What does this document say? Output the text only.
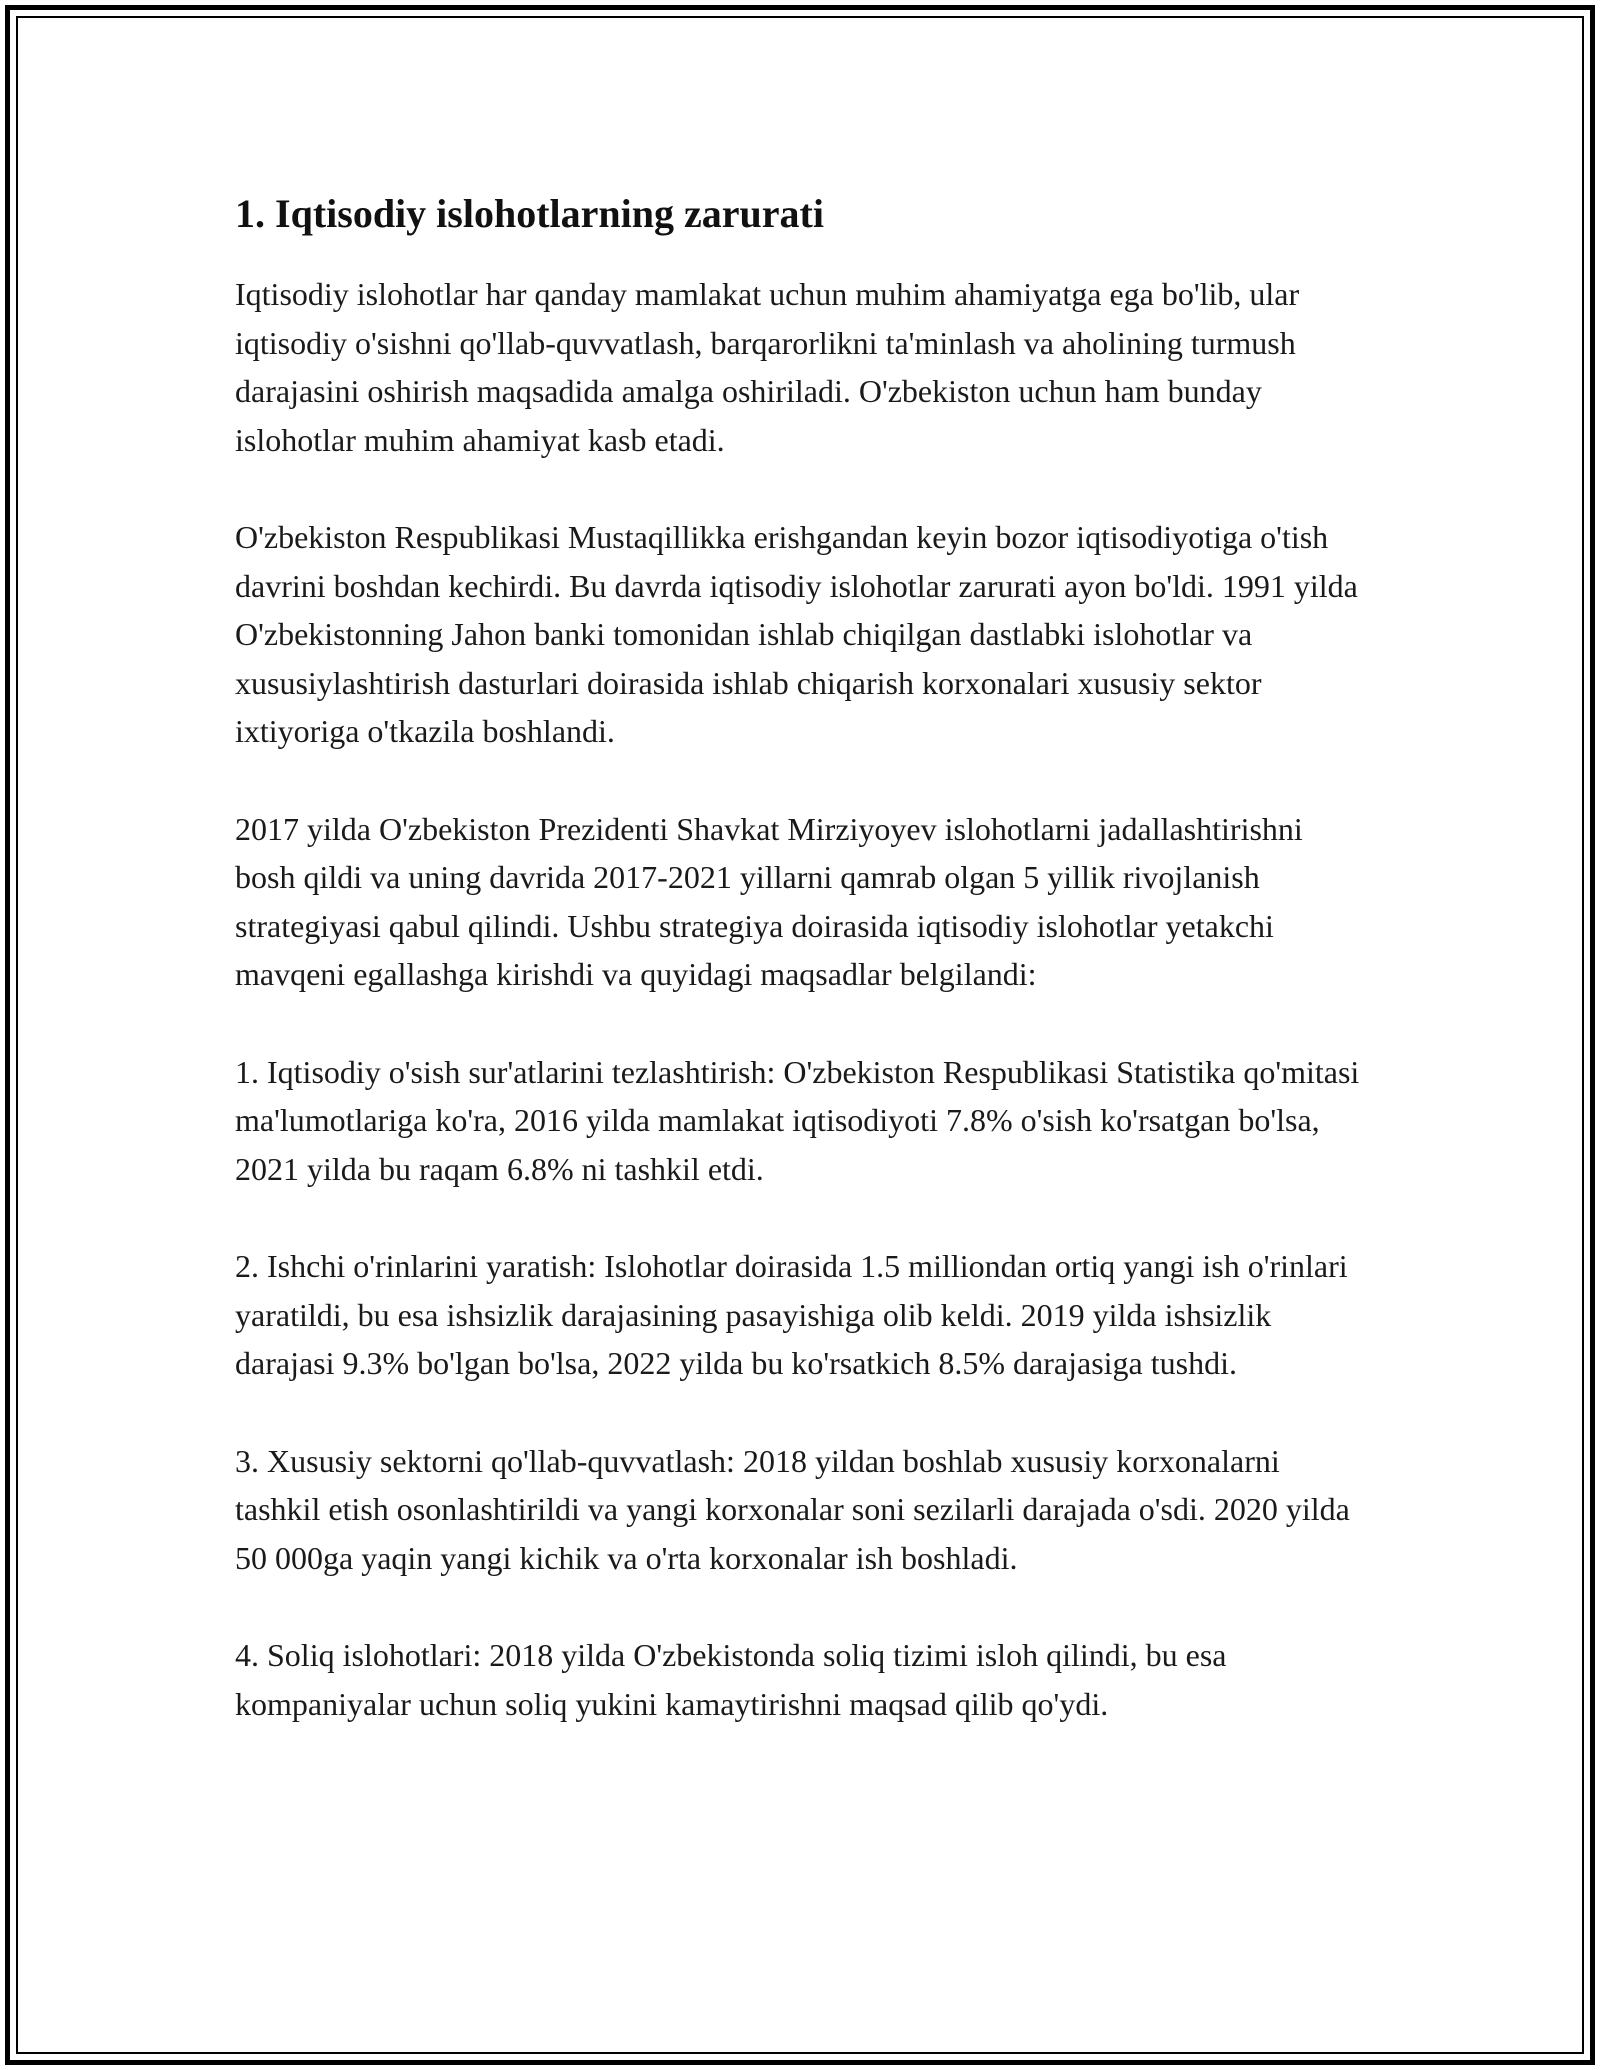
1. Iqtisodiy islohotlarning zarurati

Iqtisodiy islohotlar har qanday mamlakat uchun muhim ahamiyatga ega bo'lib, ular iqtisodiy o'sishni qo'llab-quvvatlash, barqarorlikni ta'minlash va aholining turmush darajasini oshirish maqsadida amalga oshiriladi. O'zbekiston uchun ham bunday islohotlar muhim ahamiyat kasb etadi.

O'zbekiston Respublikasi Mustaqillikka erishgandan keyin bozor iqtisodiyotiga o'tish davrini boshdan kechirdi. Bu davrda iqtisodiy islohotlar zarurati ayon bo'ldi. 1991 yilda O'zbekistonning Jahon banki tomonidan ishlab chiqilgan dastlabki islohotlar va xususiylashtirish dasturlari doirasida ishlab chiqarish korxonalari xususiy sektor ixtiyoriga o'tkazila boshlandi.

2017 yilda O'zbekiston Prezidenti Shavkat Mirziyoyev islohotlarni jadallashtirishni bosh qildi va uning davrida 2017-2021 yillarni qamrab olgan 5 yillik rivojlanish strategiyasi qabul qilindi. Ushbu strategiya doirasida iqtisodiy islohotlar yetakchi mavqeni egallashga kirishdi va quyidagi maqsadlar belgilandi:

1. Iqtisodiy o'sish sur'atlarini tezlashtirish: O'zbekiston Respublikasi Statistika qo'mitasi ma'lumotlariga ko'ra, 2016 yilda mamlakat iqtisodiyoti 7.8% o'sish ko'rsatgan bo'lsa, 2021 yilda bu raqam 6.8% ni tashkil etdi.

2. Ishchi o'rinlarini yaratish: Islohotlar doirasida 1.5 milliondan ortiq yangi ish o'rinlari yaratildi, bu esa ishsizlik darajasining pasayishiga olib keldi. 2019 yilda ishsizlik darajasi 9.3% bo'lgan bo'lsa, 2022 yilda bu ko'rsatkich 8.5% darajasiga tushdi.

3. Xususiy sektorni qo'llab-quvvatlash: 2018 yildan boshlab xususiy korxonalarni tashkil etish osonlashtirildi va yangi korxonalar soni sezilarli darajada o'sdi. 2020 yilda 50 000ga yaqin yangi kichik va o'rta korxonalar ish boshladi.

4. Soliq islohotlari: 2018 yilda O'zbekistonda soliq tizimi isloh qilindi, bu esa kompaniyalar uchun soliq yukini kamaytirishni maqsad qilib qo'ydi.
